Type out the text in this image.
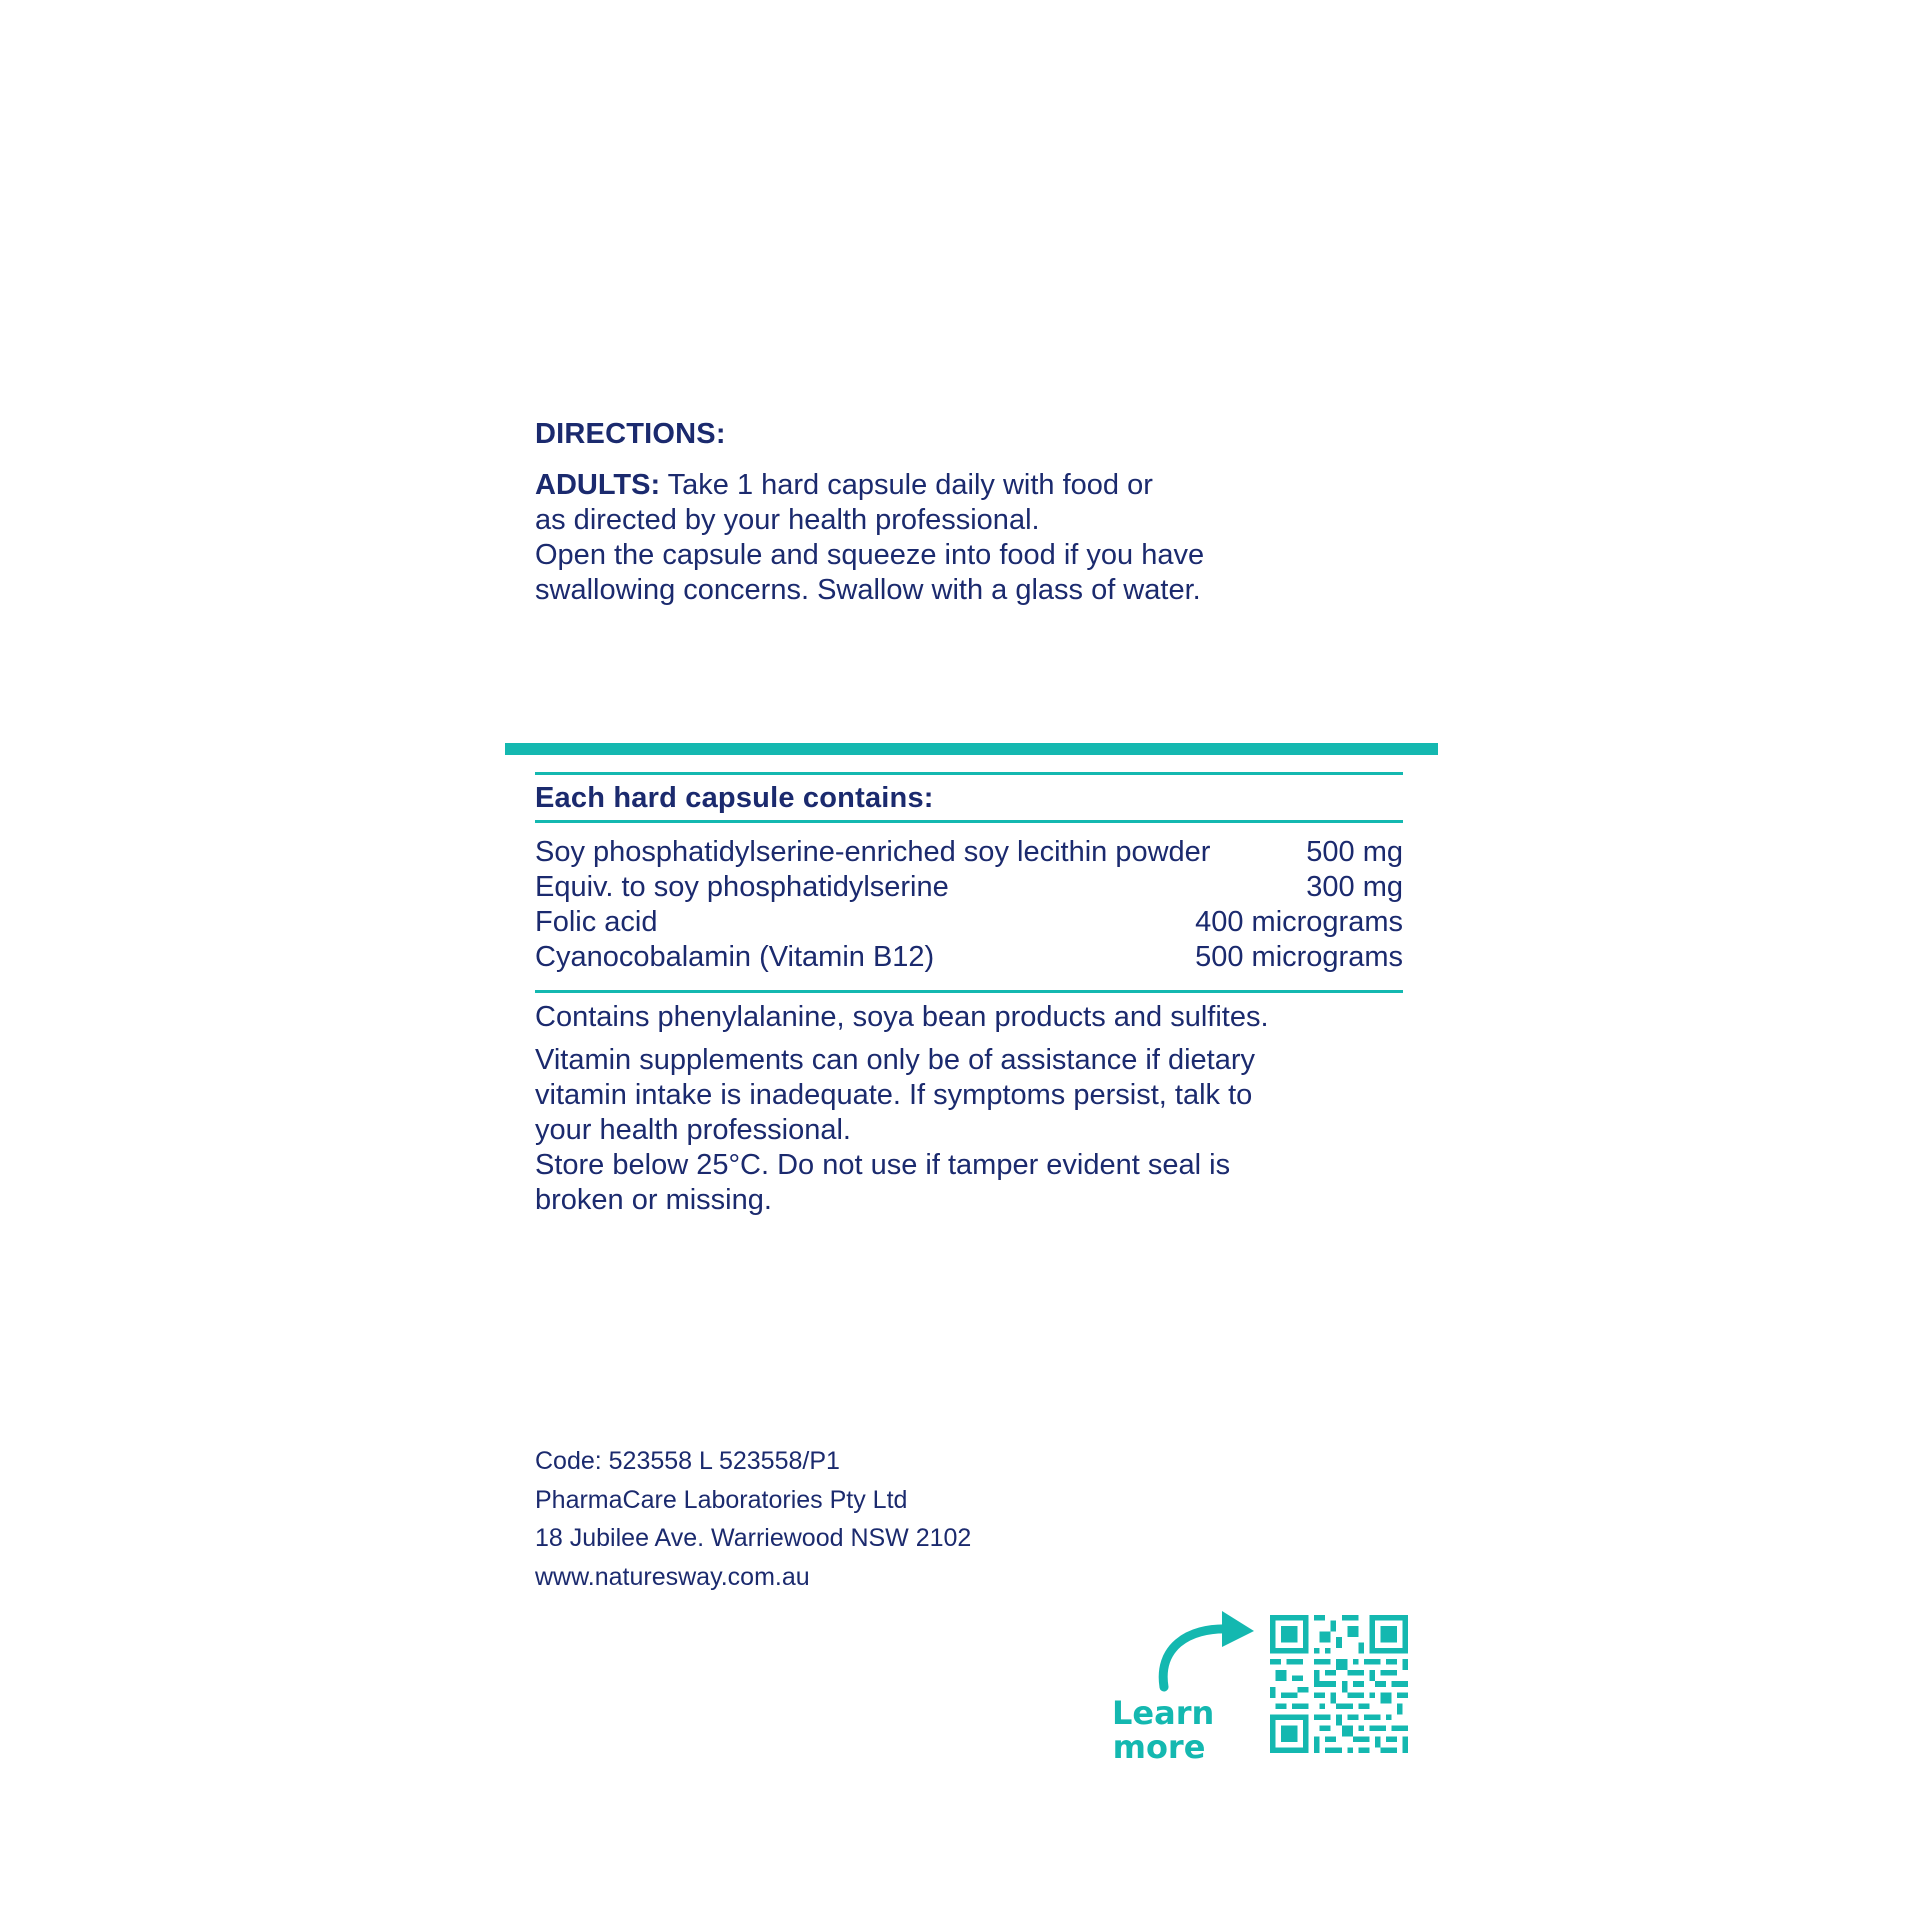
DIRECTIONS:

ADULTS: Take 1 hard capsule daily with food or

as directed by your health professional.

Open the capsule and squeeze into food if you have

swallowing concerns. Swallow with a glass of water.

Each hard capsule contains:
Soy phosphatidylserine-enriched soy lecithin powder	500 mg
Equiv. to soy phosphatidylserine	300 mg
Folic acid	400 micrograms
Cyanocobalamin (Vitamin B12)	500 micrograms

Contains phenylalanine, soya bean products and sulfites.

Vitamin supplements can only be of assistance if dietary

vitamin intake is inadequate. If symptoms persist, talk to

your health professional.

Store below 25°C. Do not use if tamper evident seal is

broken or missing.

Code: 523558 L 523558/P1
PharmaCare Laboratories Pty Ltd
18 Jubilee Ave. Warriewood NSW 2102
www.naturesway.com.au
Learn
more
